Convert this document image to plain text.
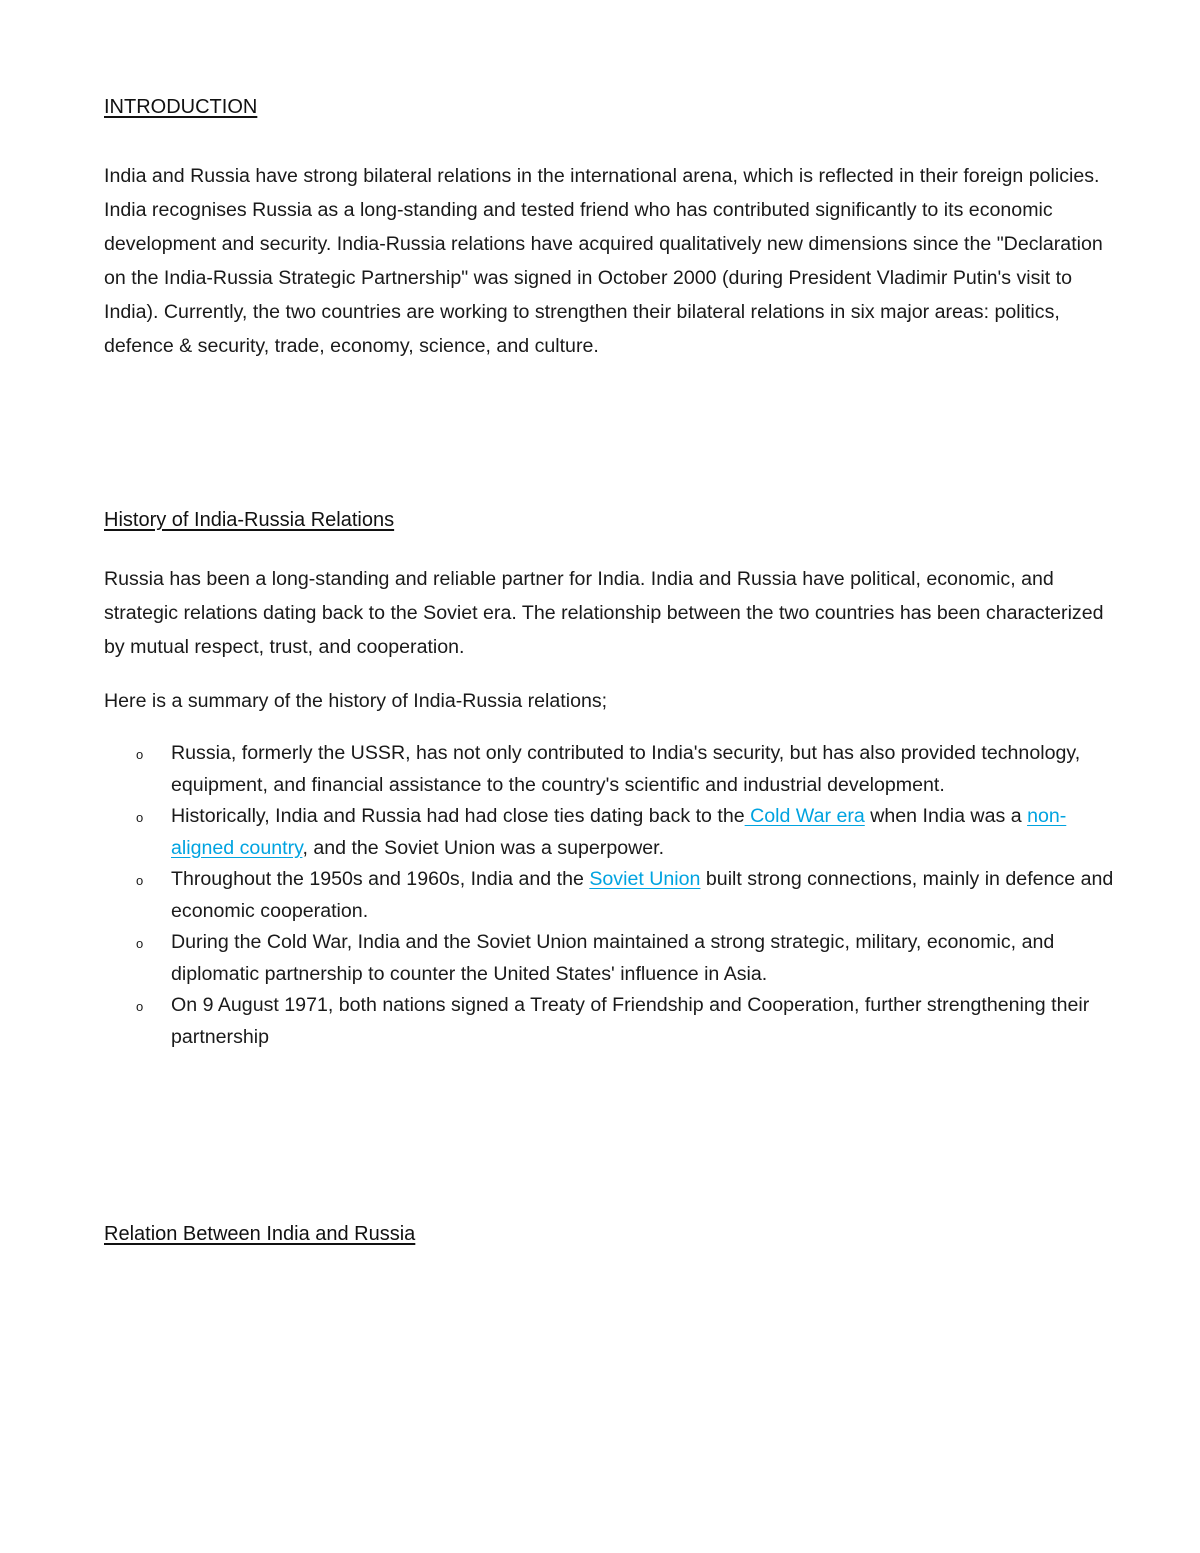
INTRODUCTION

India and Russia have strong bilateral relations in the international arena, which is reflected in their foreign policies. India recognises Russia as a long-standing and tested friend who has contributed significantly to its economic development and security. India-Russia relations have acquired qualitatively new dimensions since the "Declaration on the India-Russia Strategic Partnership" was signed in October 2000 (during President Vladimir Putin's visit to India). Currently, the two countries are working to strengthen their bilateral relations in six major areas: politics, defence & security, trade, economy, science, and culture.

History of India-Russia Relations

Russia has been a long-standing and reliable partner for India. India and Russia have political, economic, and strategic relations dating back to the Soviet era. The relationship between the two countries has been characterized by mutual respect, trust, and cooperation.

Here is a summary of the history of India-Russia relations;

o Russia, formerly the USSR, has not only contributed to India's security, but has also provided technology, equipment, and financial assistance to the country's scientific and industrial development.
o Historically, India and Russia had had close ties dating back to the Cold War era when India was a non-aligned country, and the Soviet Union was a superpower.
o Throughout the 1950s and 1960s, India and the Soviet Union built strong connections, mainly in defence and economic cooperation.
o During the Cold War, India and the Soviet Union maintained a strong strategic, military, economic, and diplomatic partnership to counter the United States' influence in Asia.
o On 9 August 1971, both nations signed a Treaty of Friendship and Cooperation, further strengthening their partnership
Relation Between India and Russia
